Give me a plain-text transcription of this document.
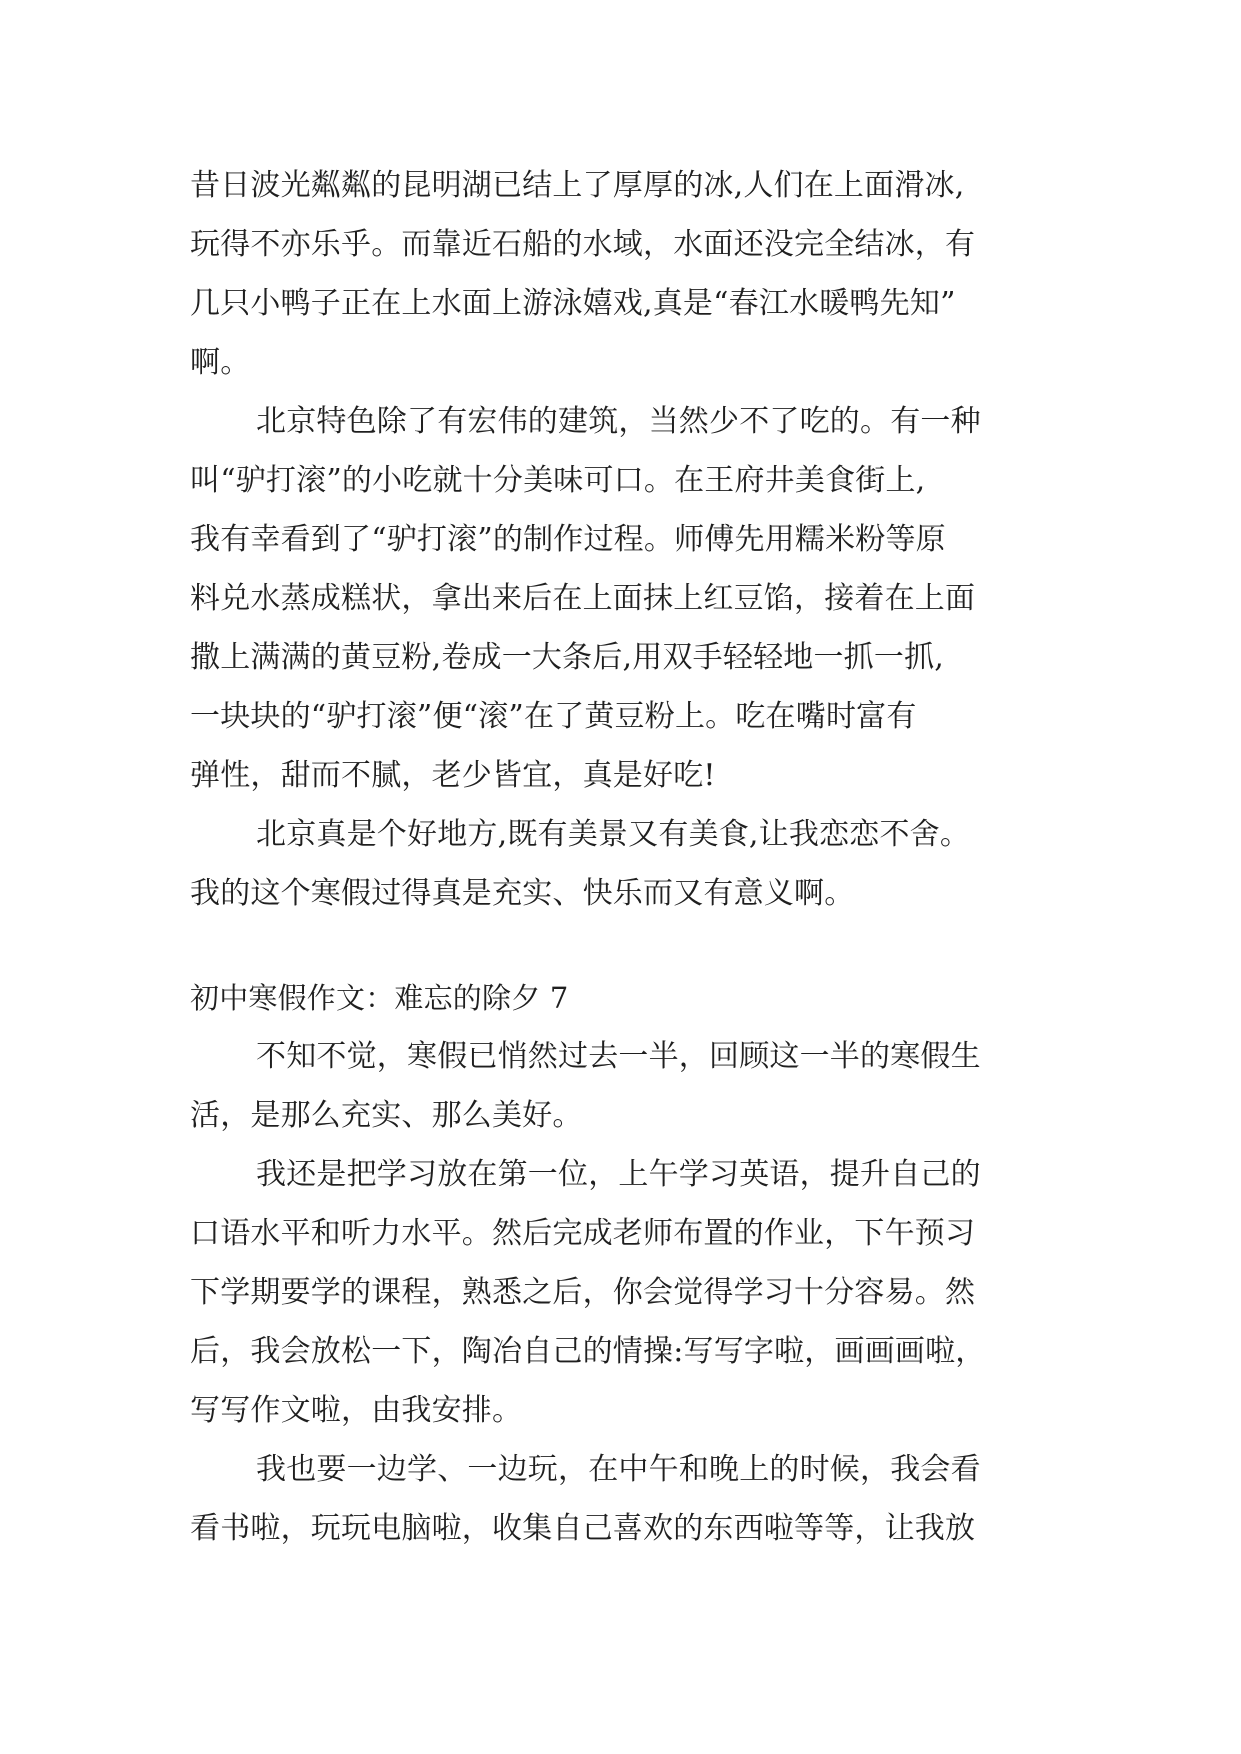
昔日波光粼粼的昆明湖已结上了厚厚的冰,人们在上面滑冰,
玩得不亦乐乎。而靠近石船的水域，水面还没完全结冰，有
几只小鸭子正在上水面上游泳嬉戏,真是“春江水暖鸭先知”
啊。
北京特色除了有宏伟的建筑，当然少不了吃的。有一种
叫“驴打滚”的小吃就十分美味可口。在王府井美食街上,
我有幸看到了“驴打滚”的制作过程。师傅先用糯米粉等原
料兑水蒸成糕状，拿出来后在上面抹上红豆馅，接着在上面
撒上满满的黄豆粉,卷成一大条后,用双手轻轻地一抓一抓,
一块块的“驴打滚”便“滚”在了黄豆粉上。吃在嘴时富有
弹性，甜而不腻，老少皆宜，真是好吃!
北京真是个好地方,既有美景又有美食,让我恋恋不舍。
我的这个寒假过得真是充实、快乐而又有意义啊。
初中寒假作文：难忘的除夕 7
不知不觉，寒假已悄然过去一半，回顾这一半的寒假生
活，是那么充实、那么美好。
我还是把学习放在第一位，上午学习英语，提升自己的
口语水平和听力水平。然后完成老师布置的作业，下午预习
下学期要学的课程，熟悉之后，你会觉得学习十分容易。然
后，我会放松一下，陶冶自己的情操:写写字啦，画画画啦，
写写作文啦，由我安排。
我也要一边学、一边玩，在中午和晚上的时候，我会看
看书啦，玩玩电脑啦，收集自己喜欢的东西啦等等，让我放
